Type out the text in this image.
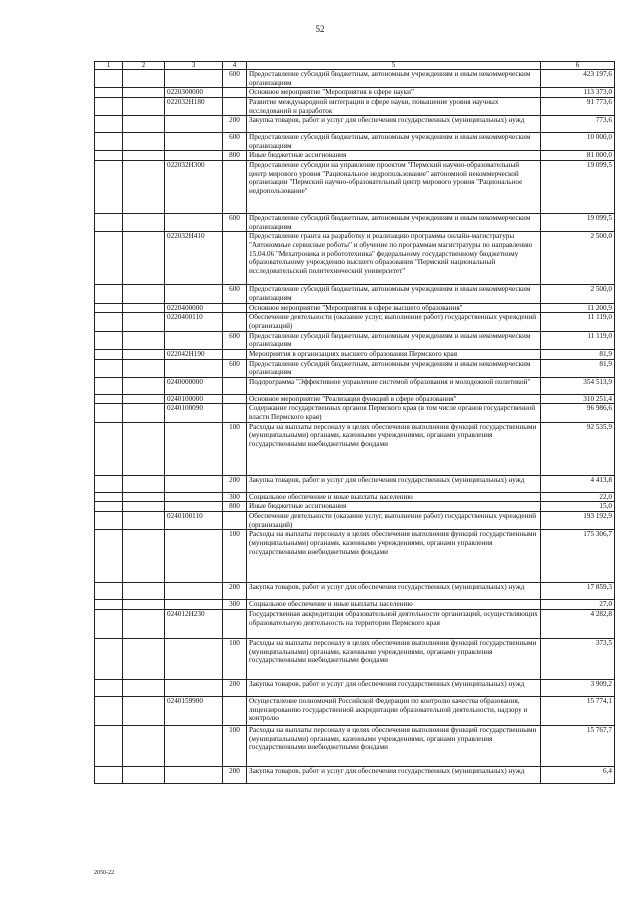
52
1	2	3	4	5	6
			600	Предоставление субсидий бюджетным, автономным учреждениям и иным некоммерческим организациям	423 197,6
		0220300000		Основное мероприятие "Мероприятия в сфере науки"	113 373,0
		022032Н180		Развитие международной интеграции в сфере науки, повышение уровня научных исследований и разработок	91 773,6
			200	Закупка товаров, работ и услуг для обеспечения государственных (муниципальных) нужд	773,6
			600	Предоставление субсидий бюджетным, автономным учреждениям и иным некоммерческим организациям	10 000,0
			800	Иные бюджетные ассигнования	81 000,0
		022032Н300		Предоставление субсидии на управление проектом "Пермский научно-образовательный центр мирового уровня "Рациональное недропользование" автономной некоммерческой организации "Пермский научно-образовательный центр мирового уровня "Рациональное недропользование"	19 099,5
			600	Предоставление субсидий бюджетным, автономным учреждениям и иным некоммерческим организациям	19 099,5
		022032Н410		Предоставление гранта на разработку и реализацию программы онлайн-магистратуры "Автономные сервисные роботы" и обучение по программам магистратуры по направлению 15.04.06 "Мехатроника и робототехника" федеральному государственному бюджетному образовательному учреждению высшего образования "Пермский национальный исследовательский политехнический университет"	2 500,0
			600	Предоставление субсидий бюджетным, автономным учреждениям и иным некоммерческим организациям	2 500,0
		0220400000		Основное мероприятие "Мероприятия в сфере высшего образования"	11 200,9
		0220400110		Обеспечение деятельности (оказание услуг, выполнение работ) государственных учреждений (организаций)	11 119,0
			600	Предоставление субсидий бюджетным, автономным учреждениям и иным некоммерческим организациям	11 119,0
		022042Н190		Мероприятия в организациях высшего образования Пермского края	81,9
			600	Предоставление субсидий бюджетным, автономным учреждениям и иным некоммерческим организациям	81,9
		0240000000		Подпрограмма "Эффективное управление системой образования и молодежной политикой"	354 513,9
		0240100000		Основное мероприятие "Реализация функций в сфере образования"	310 251,4
		0240100090		Содержание государственных органов Пермского края (в том числе органов государственной власти Пермского края)	96 986,6
			100	Расходы на выплаты персоналу в целях обеспечения выполнения функций государственными (муниципальными) органами, казенными учреждениями, органами управления государственными внебюджетными фондами	92 535,9
			200	Закупка товаров, работ и услуг для обеспечения государственных (муниципальных) нужд	4 413,8
			300	Социальное обеспечение и иные выплаты населению	22,0
			800	Иные бюджетные ассигнования	15,0
		0240100110		Обеспечение деятельности (оказание услуг, выполнение работ) государственных учреждений (организаций)	193 192,9
			100	Расходы на выплаты персоналу в целях обеспечения выполнения функций государственными (муниципальными) органами, казенными учреждениями, органами управления государственными внебюджетными фондами	175 306,7
			200	Закупка товаров, работ и услуг для обеспечения государственных (муниципальных) нужд	17 859,3
			300	Социальное обеспечение и иные выплаты населению	27,0
		024012Н230		Государственная аккредитация образовательной деятельности организаций, осуществляющих образовательную деятельность на территории Пермского края	4 282,8
			100	Расходы на выплаты персоналу в целях обеспечения выполнения функций государственными (муниципальными) органами, казенными учреждениями, органами управления государственными внебюджетными фондами	373,5
			200	Закупка товаров, работ и услуг для обеспечения государственных (муниципальных) нужд	3 909,2
		0240159900		Осуществление полномочий Российской Федерации по контролю качества образования, лицензированию государственной аккредитации образовательной деятельности, надзору и контролю	15 774,1
			100	Расходы на выплаты персоналу в целях обеспечения выполнения функций государственными (муниципальными) органами, казенными учреждениями, органами управления государственными внебюджетными фондами	15 767,7
			200	Закупка товаров, работ и услуг для обеспечения государственных (муниципальных) нужд	6,4
2050-22
